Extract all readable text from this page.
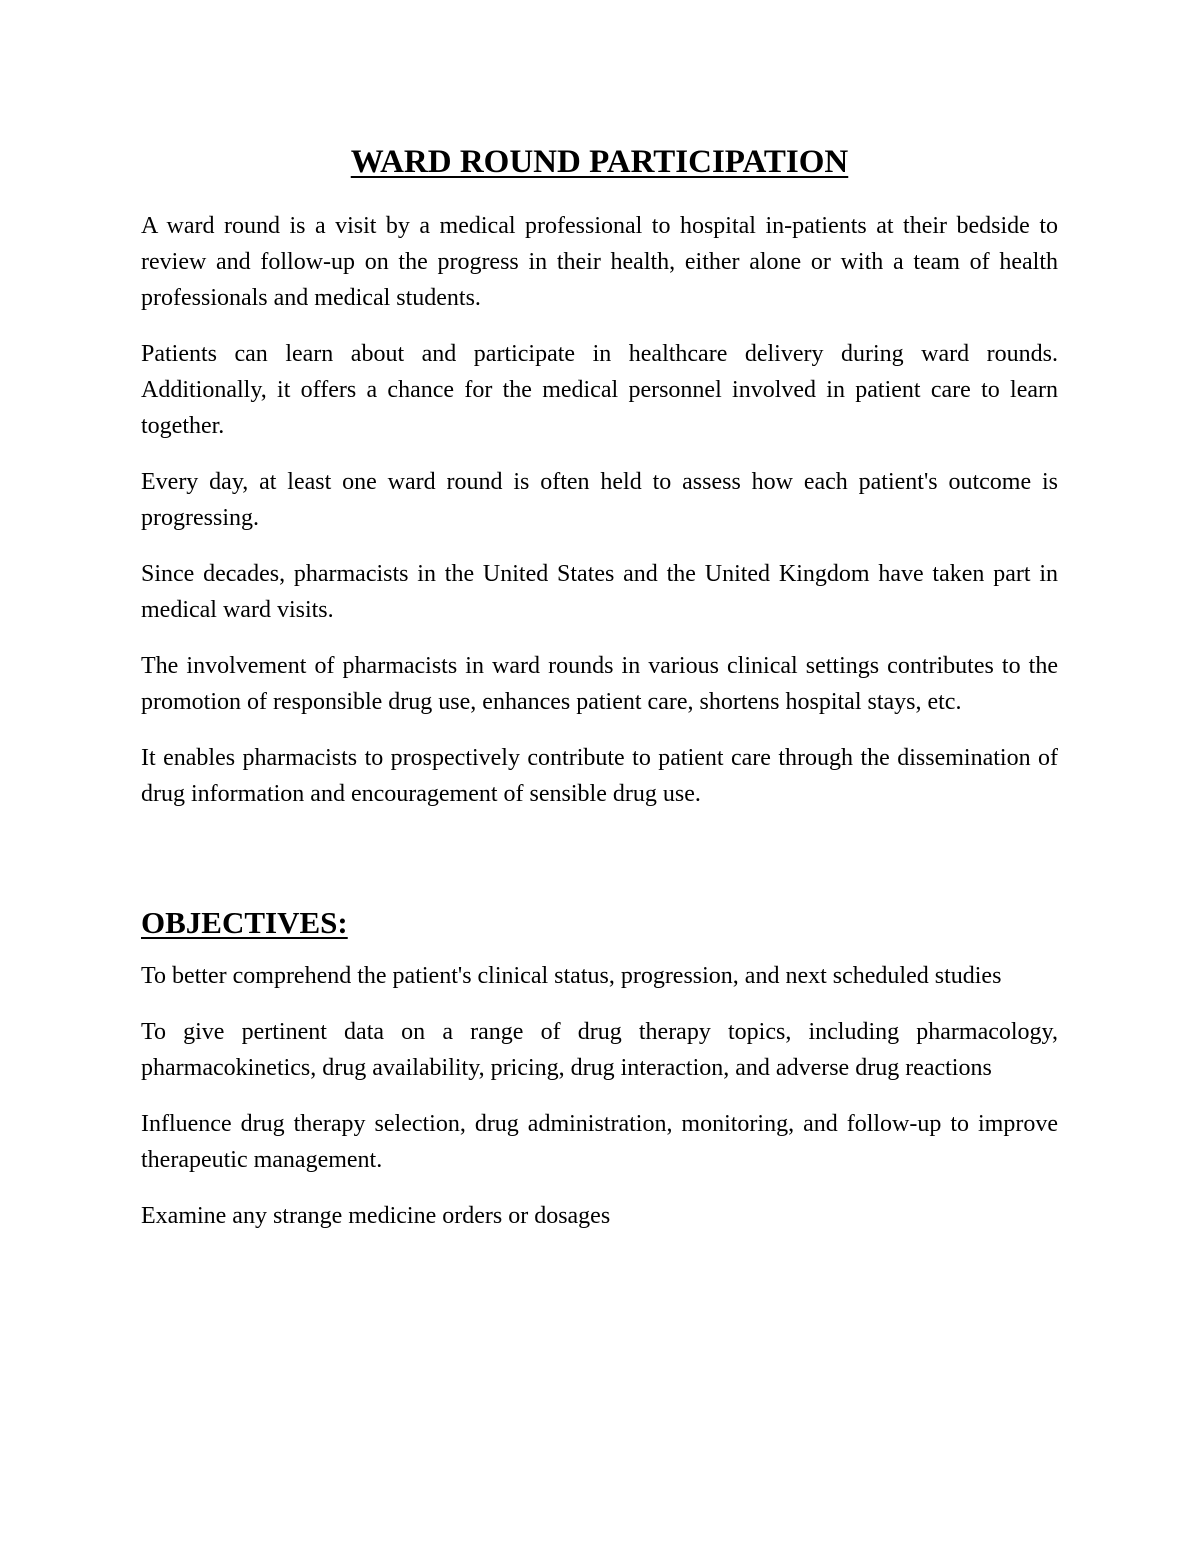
WARD ROUND PARTICIPATION

A ward round is a visit by a medical professional to hospital in-patients at their bedside to review and follow-up on the progress in their health, either alone or with a team of health professionals and medical students.

Patients can learn about and participate in healthcare delivery during ward rounds. Additionally, it offers a chance for the medical personnel involved in patient care to learn together.

Every day, at least one ward round is often held to assess how each patient's outcome is progressing.

Since decades, pharmacists in the United States and the United Kingdom have taken part in medical ward visits.

The involvement of pharmacists in ward rounds in various clinical settings contributes to the promotion of responsible drug use, enhances patient care, shortens hospital stays, etc.

It enables pharmacists to prospectively contribute to patient care through the dissemination of drug information and encouragement of sensible drug use.

OBJECTIVES:

To better comprehend the patient's clinical status, progression, and next scheduled studies

To give pertinent data on a range of drug therapy topics, including pharmacology, pharmacokinetics, drug availability, pricing, drug interaction, and adverse drug reactions

Influence drug therapy selection, drug administration, monitoring, and follow-up to improve therapeutic management.

Examine any strange medicine orders or dosages
